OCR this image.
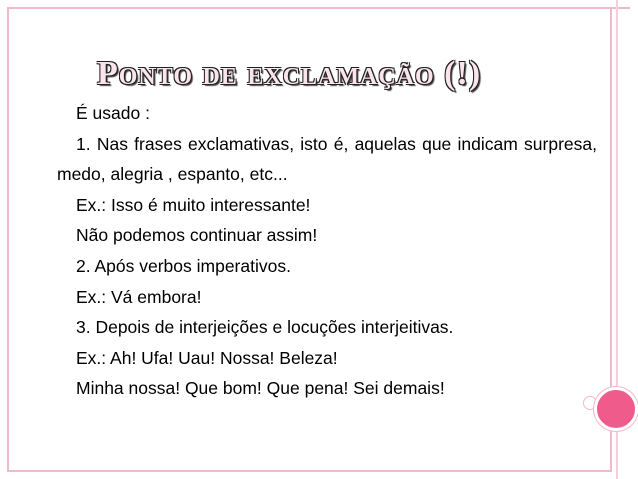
Ponto de exclamação (!)
É usado :
1. Nas frases exclamativas, isto é, aquelas que indicam surpresa, medo, alegria , espanto, etc...
Ex.: Isso é muito interessante!
Não podemos continuar assim!
2. Após verbos imperativos.
Ex.: Vá embora!
3. Depois de interjeições e locuções interjeitivas.
Ex.: Ah! Ufa! Uau! Nossa! Beleza!
Minha nossa! Que bom! Que pena! Sei demais!
